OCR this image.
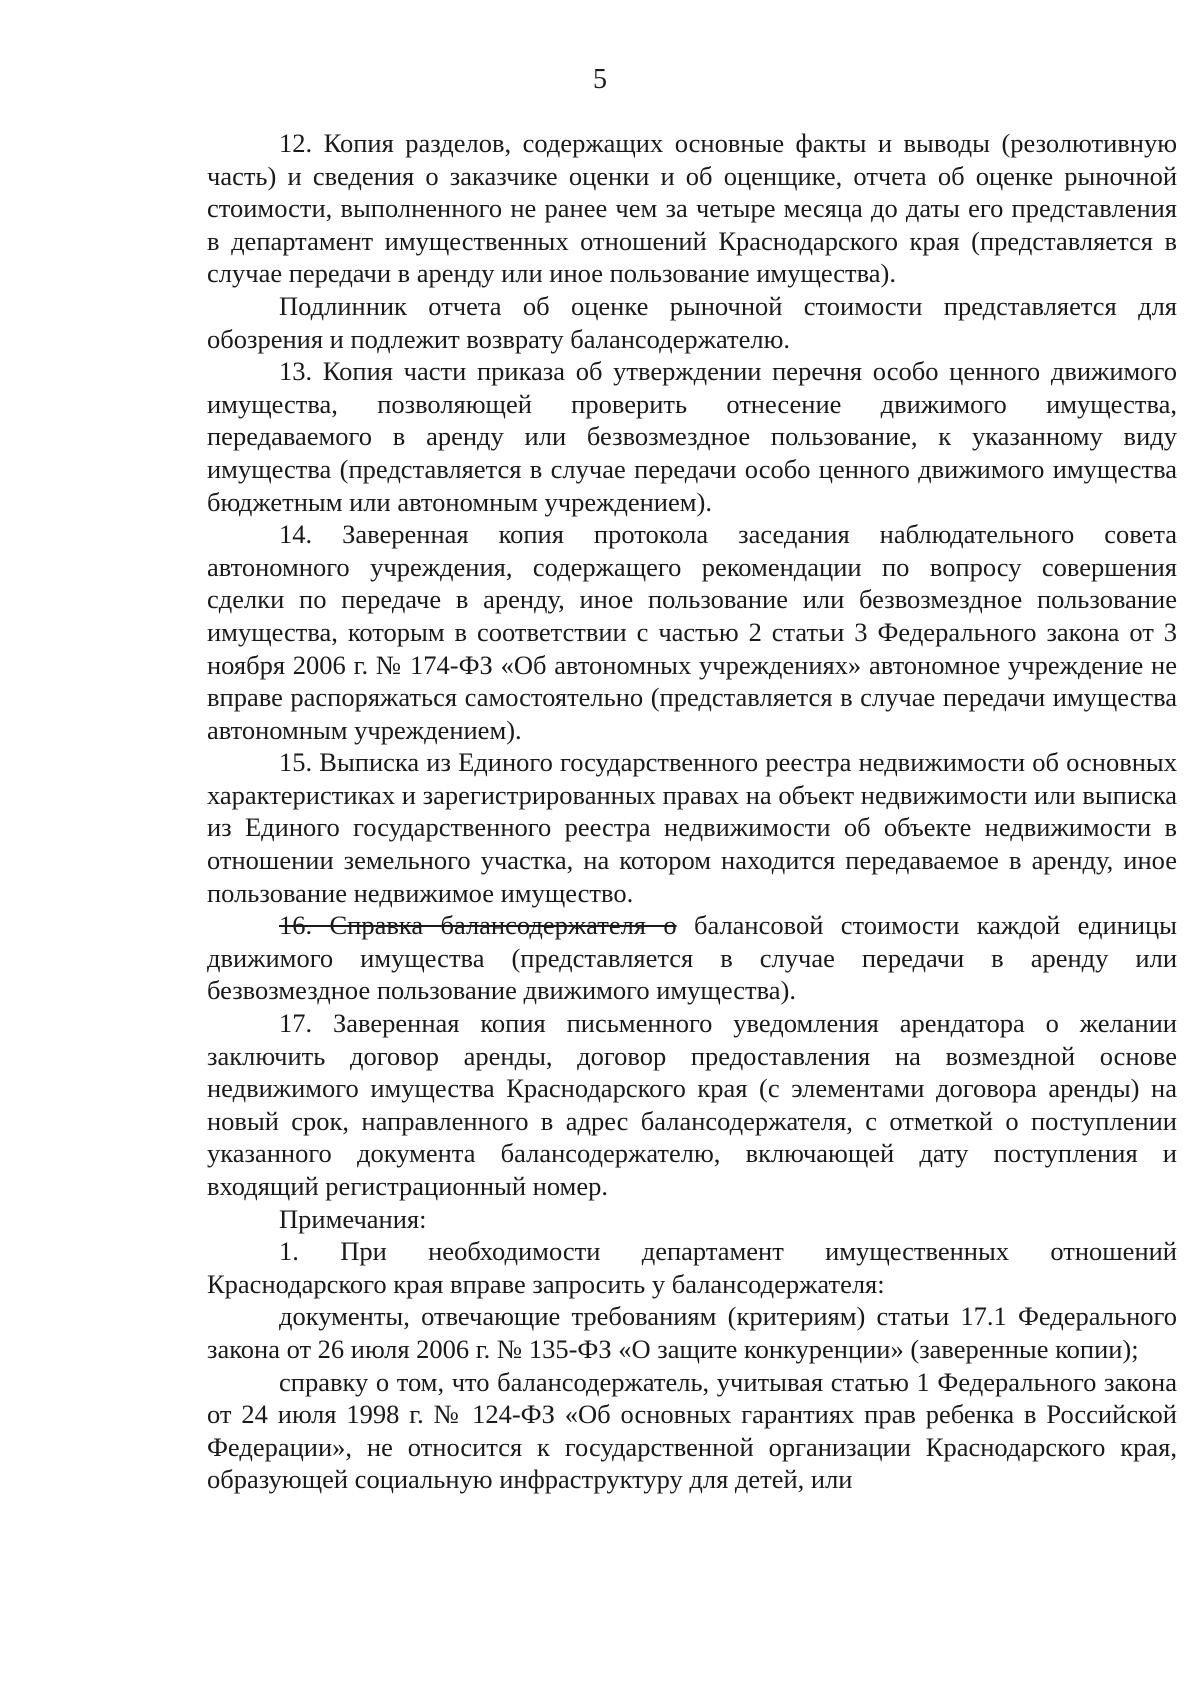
5

12. Копия разделов, содержащих основные факты и выводы (резолютивную часть) и сведения о заказчике оценки и об оценщике, отчета об оценке рыночной стоимости, выполненного не ранее чем за четыре месяца до даты его представления в департамент имущественных отношений Краснодарского края (представляется в случае передачи в аренду или иное пользование имущества).

Подлинник отчета об оценке рыночной стоимости представляется для обозрения и подлежит возврату балансодержателю.

13. Копия части приказа об утверждении перечня особо ценного движимого имущества, позволяющей проверить отнесение движимого имущества, передаваемого в аренду или безвозмездное пользование, к указанному виду имущества (представляется в случае передачи особо ценного движимого имущества бюджетным или автономным учреждением).

14. Заверенная копия протокола заседания наблюдательного совета автономного учреждения, содержащего рекомендации по вопросу совершения сделки по передаче в аренду, иное пользование или безвозмездное пользование имущества, которым в соответствии с частью 2 статьи 3 Федерального закона от 3 ноября 2006 г. № 174-ФЗ «Об автономных учреждениях» автономное учреждение не вправе распоряжаться самостоятельно (представляется в случае передачи имущества автономным учреждением).

15. Выписка из Единого государственного реестра недвижимости об основных характеристиках и зарегистрированных правах на объект недвижимости или выписка из Единого государственного реестра недвижимости об объекте недвижимости в отношении земельного участка, на котором находится передаваемое в аренду, иное пользование недвижимое имущество.

16. Справка балансодержателя о балансовой стоимости каждой единицы движимого имущества (представляется в случае передачи в аренду или безвозмездное пользование движимого имущества).

17. Заверенная копия письменного уведомления арендатора о желании заключить договор аренды, договор предоставления на возмездной основе недвижимого имущества Краснодарского края (с элементами договора аренды) на новый срок, направленного в адрес балансодержателя, с отметкой о поступлении указанного документа балансодержателю, включающей дату поступления и входящий регистрационный номер.

Примечания:

1. При необходимости департамент имущественных отношений Краснодарского края вправе запросить у балансодержателя:

документы, отвечающие требованиям (критериям) статьи 17.1 Федерального закона от 26 июля 2006 г. № 135-ФЗ «О защите конкуренции» (заверенные копии);

справку о том, что балансодержатель, учитывая статью 1 Федерального закона от 24 июля 1998 г. № 124-ФЗ «Об основных гарантиях прав ребенка в Российской Федерации», не относится к государственной организации Краснодарского края, образующей социальную инфраструктуру для детей, или
